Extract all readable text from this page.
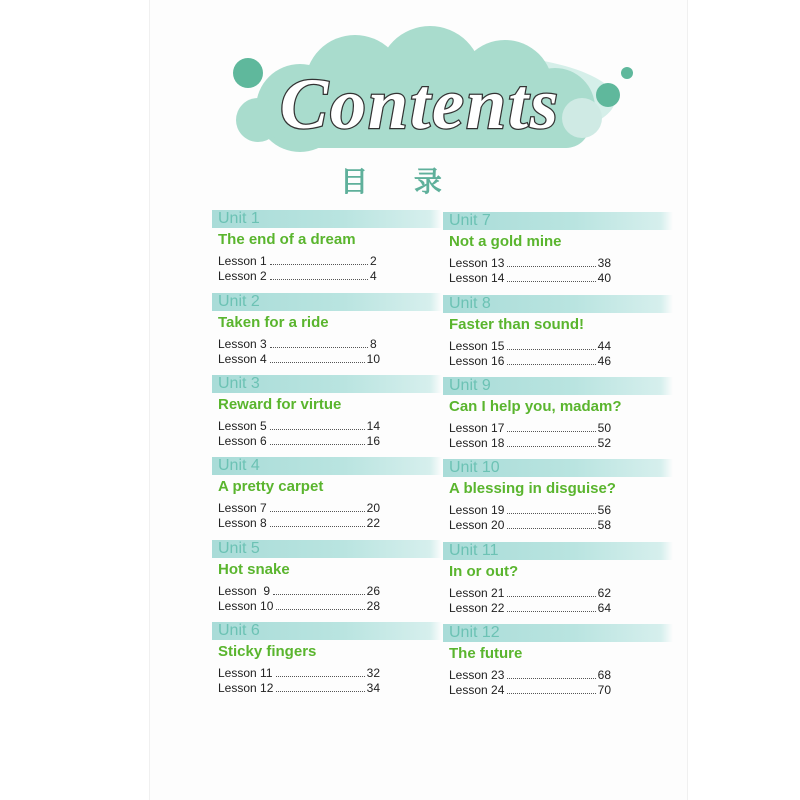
Contents
目 录
Unit 1
The end of a dream
Lesson 1	2
Lesson 2	4
Unit 2
Taken for a ride
Lesson 3	8
Lesson 4	10
Unit 3
Reward for virtue
Lesson 5	14
Lesson 6	16
Unit 4
A pretty carpet
Lesson 7	20
Lesson 8	22
Unit 5
Hot snake
Lesson  9	26
Lesson 10	28
Unit 6
Sticky fingers
Lesson 11	32
Lesson 12	34
Unit 7
Not a gold mine
Lesson 13	38
Lesson 14	40
Unit 8
Faster than sound!
Lesson 15	44
Lesson 16	46
Unit 9
Can I help you, madam?
Lesson 17	50
Lesson 18	52
Unit 10
A blessing in disguise?
Lesson 19	56
Lesson 20	58
Unit 11
In or out?
Lesson 21	62
Lesson 22	64
Unit 12
The future
Lesson 23	68
Lesson 24	70
